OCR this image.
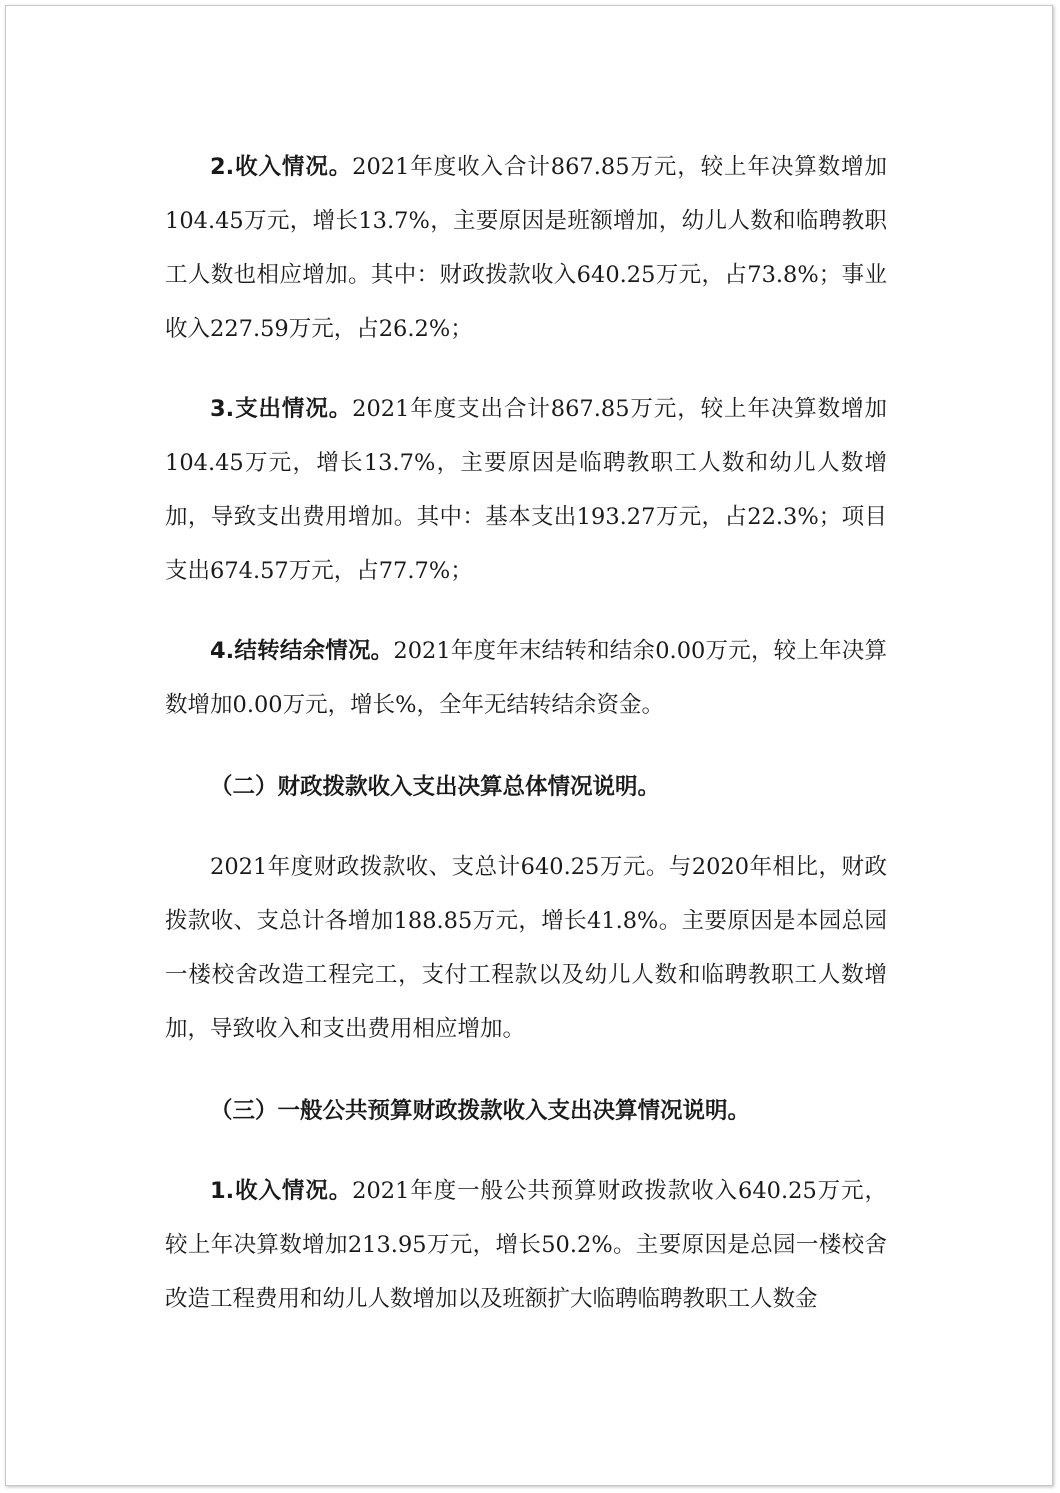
2.收入情况。2021年度收入合计867.85万元，较上年决算数增加104.45万元，增长13.7%，主要原因是班额增加，幼儿人数和临聘教职工人数也相应增加。其中：财政拨款收入640.25万元，占73.8%；事业收入227.59万元，占26.2%；

3.支出情况。2021年度支出合计867.85万元，较上年决算数增加104.45万元，增长13.7%，主要原因是临聘教职工人数和幼儿人数增加，导致支出费用增加。其中：基本支出193.27万元，占22.3%；项目支出674.57万元，占77.7%；

4.结转结余情况。2021年度年末结转和结余0.00万元，较上年决算数增加0.00万元，增长%，全年无结转结余资金。

（二）财政拨款收入支出决算总体情况说明。

2021年度财政拨款收、支总计640.25万元。与2020年相比，财政拨款收、支总计各增加188.85万元，增长41.8%。主要原因是本园总园一楼校舍改造工程完工，支付工程款以及幼儿人数和临聘教职工人数增加，导致收入和支出费用相应增加。

（三）一般公共预算财政拨款收入支出决算情况说明。

1.收入情况。2021年度一般公共预算财政拨款收入640.25万元，较上年决算数增加213.95万元，增长50.2%。主要原因是总园一楼校舍改造工程费用和幼儿人数增加以及班额扩大临聘临聘教职工人数金
